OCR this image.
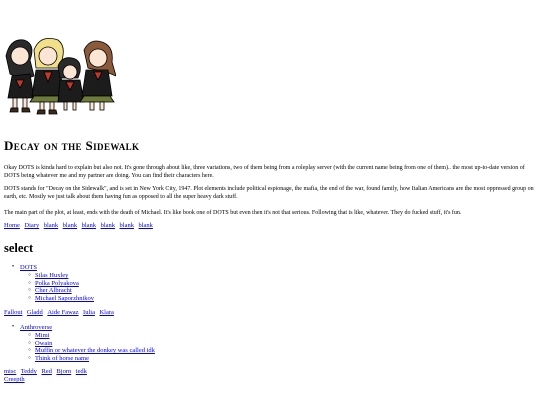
Decay on the Sidewalk

Okay DOTS is kinda hard to explain but also not. It's gone through about like, three variations, two of them being from a roleplay server (with the current name being from one of them).. the most up-to-date version of DOTS being whatever me and my partner are doing. You can find their characters here.

DOTS stands for "Decay on the Sidewalk", and is set in New York City, 1947. Plot elements include political espionage, the mafia, the end of the war, found family, how Italian Americans are the most oppressed group on earth, etc. Mostly we just talk about them having fun as opposed to all the super heavy dark stuff.

The main part of the plot, at least, ends with the death of Michael. It's like book one of DOTS but even then it's not that serious. Following that is like, whatever. They do fucked stuff, it's fun.

Home Diary blank blank blank blank blank blank
select
• DOTS
○ Silas Huxley
○ Polka Polyakova
○ Cher Albracht
○ Michael Saporzhnikov
Fallout Gladd Aide Fawaz Iulia Klara
• Anthroverse
○ Mimi
○ Owain
○ Muffin or whatever the donkey was called idk
○ Think of horse name
misc Teddy Red Bjorn iedk
Creepth
